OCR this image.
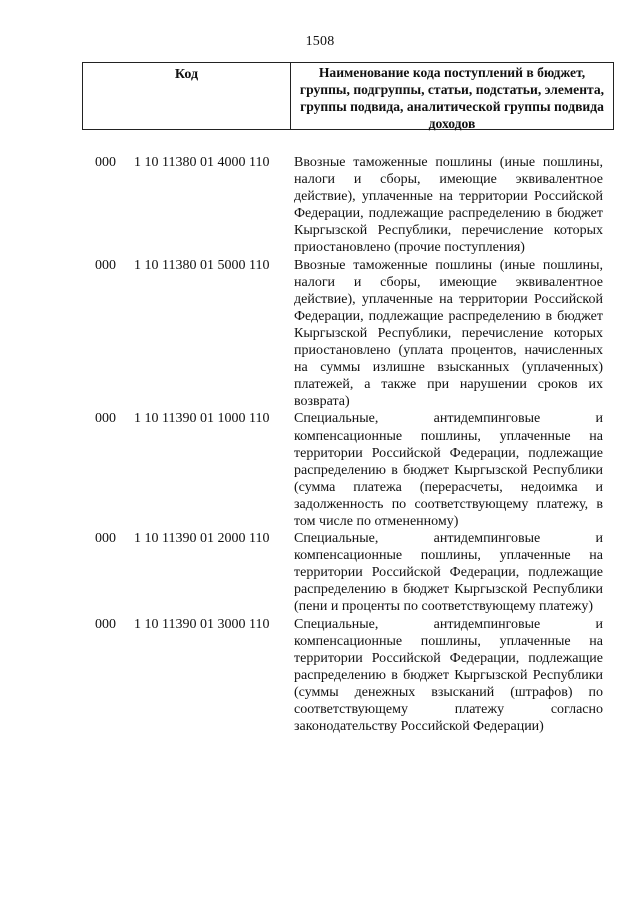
1508
Код	Наименование кода поступлений в бюджет, группы, подгруппы, статьи, подстатьи, элемента, группы подвида, аналитической группы подвида доходов
000	1 10 11380 01 4000 110	Ввозные таможенные пошлины (иные пошлины, налоги и сборы, имеющие эквивалентное действие), уплаченные на территории Российской Федерации, подлежащие распределению в бюджет Кыргызской Республики, перечисление которых приостановлено (прочие поступления)
000	1 10 11380 01 5000 110	Ввозные таможенные пошлины (иные пошлины, налоги и сборы, имеющие эквивалентное действие), уплаченные на территории Российской Федерации, подлежащие распределению в бюджет Кыргызской Республики, перечисление которых приостановлено (уплата процентов, начисленных на суммы излишне взысканных (уплаченных) платежей, а также при нарушении сроков их возврата)
000	1 10 11390 01 1000 110	Специальные, антидемпинговые и компенсационные пошлины, уплаченные на территории Российской Федерации, подлежащие распределению в бюджет Кыргызской Республики (сумма платежа (перерасчеты, недоимка и задолженность по соответствующему платежу, в том числе по отмененному)
000	1 10 11390 01 2000 110	Специальные, антидемпинговые и компенсационные пошлины, уплаченные на территории Российской Федерации, подлежащие распределению в бюджет Кыргызской Республики (пени и проценты по соответствующему платежу)
000	1 10 11390 01 3000 110	Специальные, антидемпинговые и компенсационные пошлины, уплаченные на территории Российской Федерации, подлежащие распределению в бюджет Кыргызской Республики (суммы денежных взысканий (штрафов) по соответствующему платежу согласно законодательству Российской Федерации)
